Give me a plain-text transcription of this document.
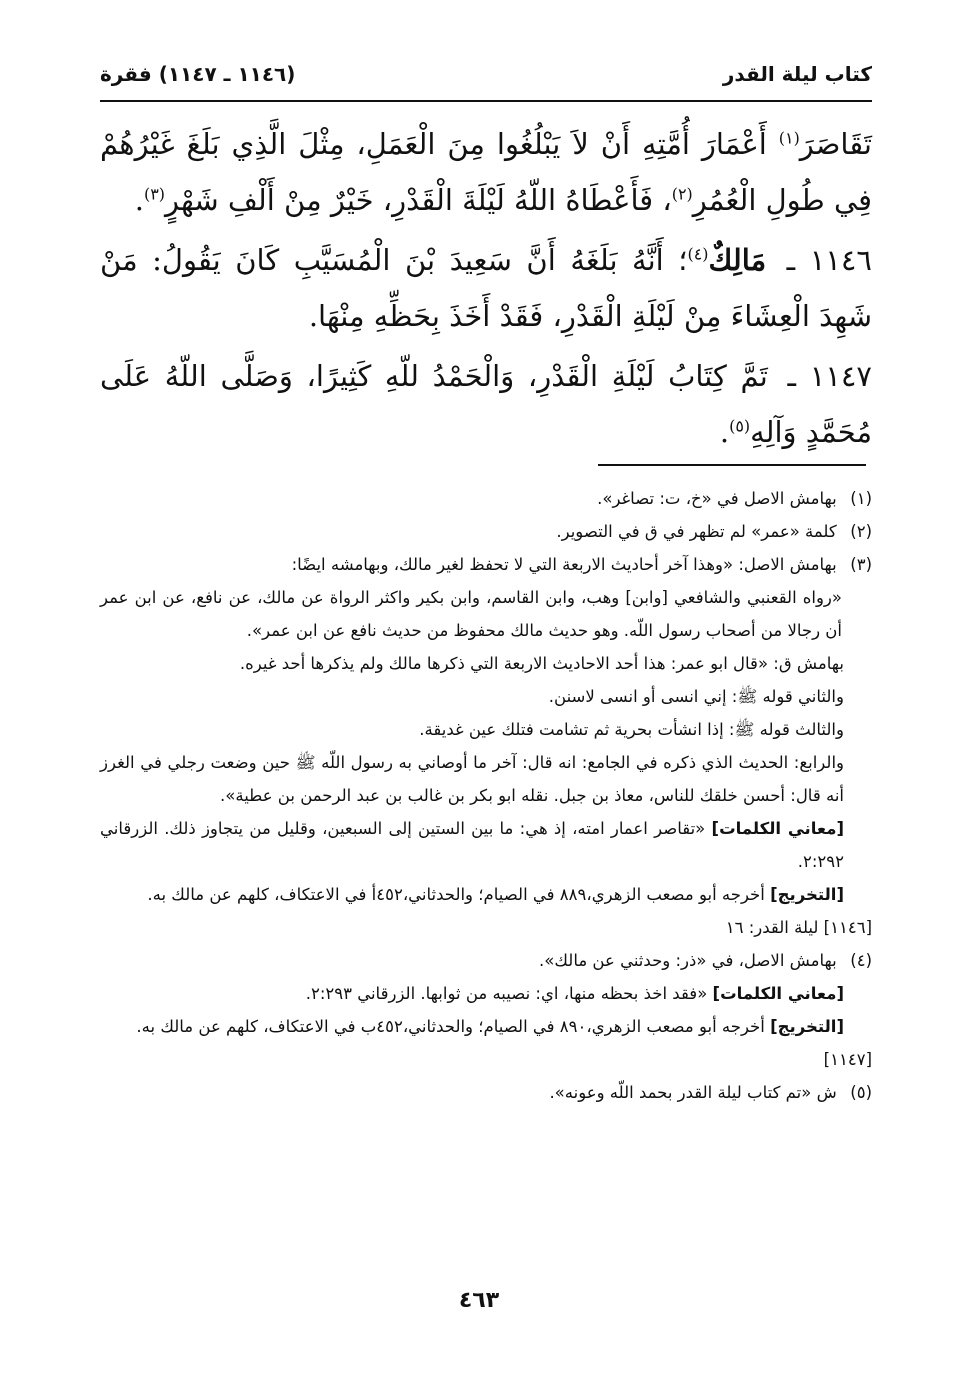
كتاب ليلة القدر
(١١٤٦ ـ ١١٤٧) فقرة

تَقَاصَرَ$^{(١)}$ أَعْمَارَ أُمَّتِهِ أَنْ لاَ يَبْلُغُوا مِنَ الْعَمَلِ، مِثْلَ الَّذِي بَلَغَ غَيْرُهُمْ فِي طُولِ الْعُمُرِ$^{(٢)}$، فَأَعْطَاهُ اللّهُ لَيْلَةَ الْقَدْرِ، خَيْرٌ مِنْ أَلْفِ شَهْرٍ$^{(٣)}$.

١١٤٦ ـ مَالِكٌ$^{(٤)}$؛ أَنَّهُ بَلَغَهُ أَنَّ سَعِيدَ بْنَ الْمُسَيَّبِ كَانَ يَقُولُ: مَنْ شَهِدَ الْعِشَاءَ مِنْ لَيْلَةِ الْقَدْرِ، فَقَدْ أَخَذَ بِحَظِّهِ مِنْهَا.

١١٤٧ ـ تَمَّ كِتَابُ لَيْلَةِ الْقَدْرِ، وَالْحَمْدُ للّهِ كَثِيرًا، وَصَلَّى اللّهُ عَلَى مُحَمَّدٍ وَآلِهِ$^{(٥)}$.

(١) بهامش الاصل في «خ، ت: تصاغر».

(٢) كلمة «عمر» لم تظهر في ق في التصوير.

(٣) بهامش الاصل: «وهذا آخر أحاديث الاربعة التي لا تحفظ لغير مالك، وبهامشه ايضًا:

«رواه القعنبي والشافعي [وابن] وهب، وابن القاسم، وابن بكير واكثر الرواة عن مالك، عن نافع، عن ابن عمر أن رجالا من أصحاب رسول اللّه. وهو حديث مالك محفوظ من حديث نافع عن ابن عمر».

بهامش ق: «قال ابو عمر: هذا أحد الاحاديث الاربعة التي ذكرها مالك ولم يذكرها أحد غيره.

والثاني قوله ﷺ: إني انسى أو انسى لاسنن.

والثالث قوله ﷺ: إذا انشأت بحرية ثم تشامت فتلك عين غديقة.

والرابع: الحديث الذي ذكره في الجامع: انه قال: آخر ما أوصاني به رسول اللّه ﷺ حين وضعت رجلي في الغرز أنه قال: أحسن خلقك للناس، معاذ بن جبل. نقله ابو بكر بن غالب بن عبد الرحمن بن عطية».

[معاني الكلمات] «تقاصر اعمار امته، إذ هي: ما بين الستين إلى السبعين، وقليل من يتجاوز ذلك. الزرقاني ٢:٢٩٢.

[التخريج] أخرجه أبو مصعب الزهري،٨٨٩ في الصيام؛ والحدثاني،٤٥٢أ في الاعتكاف، كلهم عن مالك به.

[١١٤٦] ليلة القدر: ١٦

(٤) بهامش الاصل، في «ذر: وحدثني عن مالك».

[معاني الكلمات] «فقد اخذ بحظه منها، اي: نصيبه من ثوابها. الزرقاني ٢:٢٩٣.

[التخريج] أخرجه أبو مصعب الزهري،٨٩٠ في الصيام؛ والحدثاني،٤٥٢ب في الاعتكاف، كلهم عن مالك به.

[١١٤٧]

(٥) ش «تم كتاب ليلة القدر بحمد اللّه وعونه».

٤٦٣
